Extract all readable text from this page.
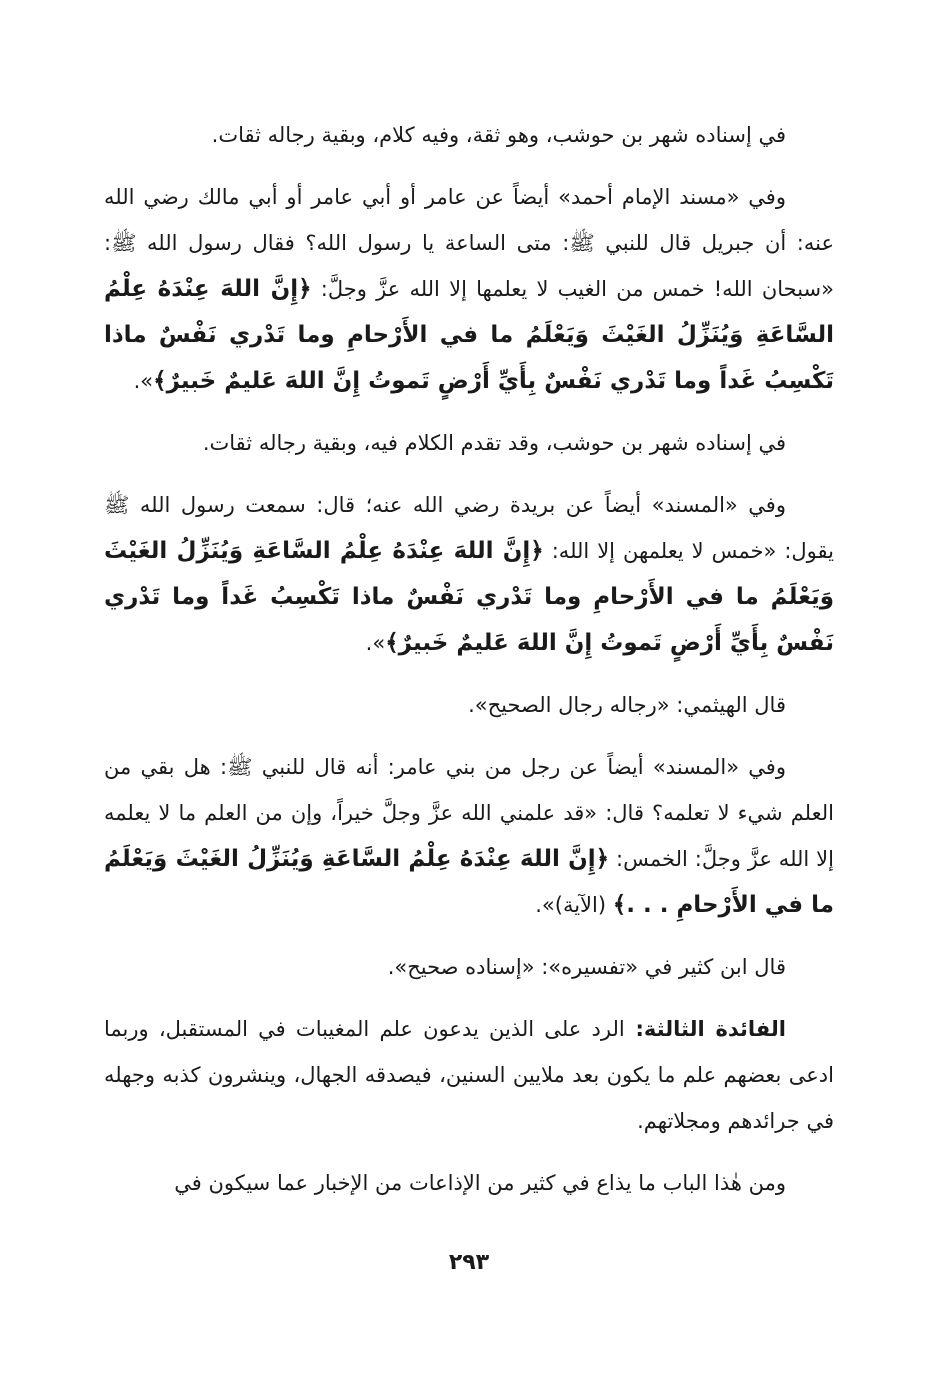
في إسناده شهر بن حوشب، وهو ثقة، وفيه كلام، وبقية رجاله ثقات.

وفي «مسند الإمام أحمد» أيضاً عن عامر أو أبي عامر أو أبي مالك رضي الله عنه: أن جبريل قال للنبي ﷺ: متى الساعة يا رسول الله؟ فقال رسول الله ﷺ: «سبحان الله! خمس من الغيب لا يعلمها إلا الله عزَّ وجلَّ: ﴿إِنَّ اللهَ عِنْدَهُ عِلْمُ السَّاعَةِ وَيُنَزِّلُ الغَيْثَ وَيَعْلَمُ ما في الأَرْحامِ وما تَدْري نَفْسٌ ماذا تَكْسِبُ غَداً وما تَدْري نَفْسٌ بِأَيِّ أَرْضٍ تَموتُ إِنَّ اللهَ عَليمٌ خَبيرٌ﴾».

في إسناده شهر بن حوشب، وقد تقدم الكلام فيه، وبقية رجاله ثقات.

وفي «المسند» أيضاً عن بريدة رضي الله عنه؛ قال: سمعت رسول الله ﷺ يقول: «خمس لا يعلمهن إلا الله: ﴿إِنَّ اللهَ عِنْدَهُ عِلْمُ السَّاعَةِ وَيُنَزِّلُ الغَيْثَ وَيَعْلَمُ ما في الأَرْحامِ وما تَدْري نَفْسٌ ماذا تَكْسِبُ غَداً وما تَدْري نَفْسٌ بِأَيِّ أَرْضٍ تَموتُ إِنَّ اللهَ عَليمٌ خَبيرٌ﴾».

قال الهيثمي: «رجاله رجال الصحيح».

وفي «المسند» أيضاً عن رجل من بني عامر: أنه قال للنبي ﷺ: هل بقي من العلم شيء لا تعلمه؟ قال: «قد علمني الله عزَّ وجلَّ خيراً، وإن من العلم ما لا يعلمه إلا الله عزَّ وجلَّ: الخمس: ﴿إِنَّ اللهَ عِنْدَهُ عِلْمُ السَّاعَةِ وَيُنَزِّلُ الغَيْثَ وَيَعْلَمُ ما في الأَرْحامِ . . .﴾ (الآية)».

قال ابن كثير في «تفسيره»: «إسناده صحيح».

الفائدة الثالثة: الرد على الذين يدعون علم المغيبات في المستقبل، وربما ادعى بعضهم علم ما يكون بعد ملايين السنين، فيصدقه الجهال، وينشرون كذبه وجهله في جرائدهم ومجلاتهم.

ومن هٰذا الباب ما يذاع في كثير من الإذاعات من الإخبار عما سيكون في

٢٩٣
